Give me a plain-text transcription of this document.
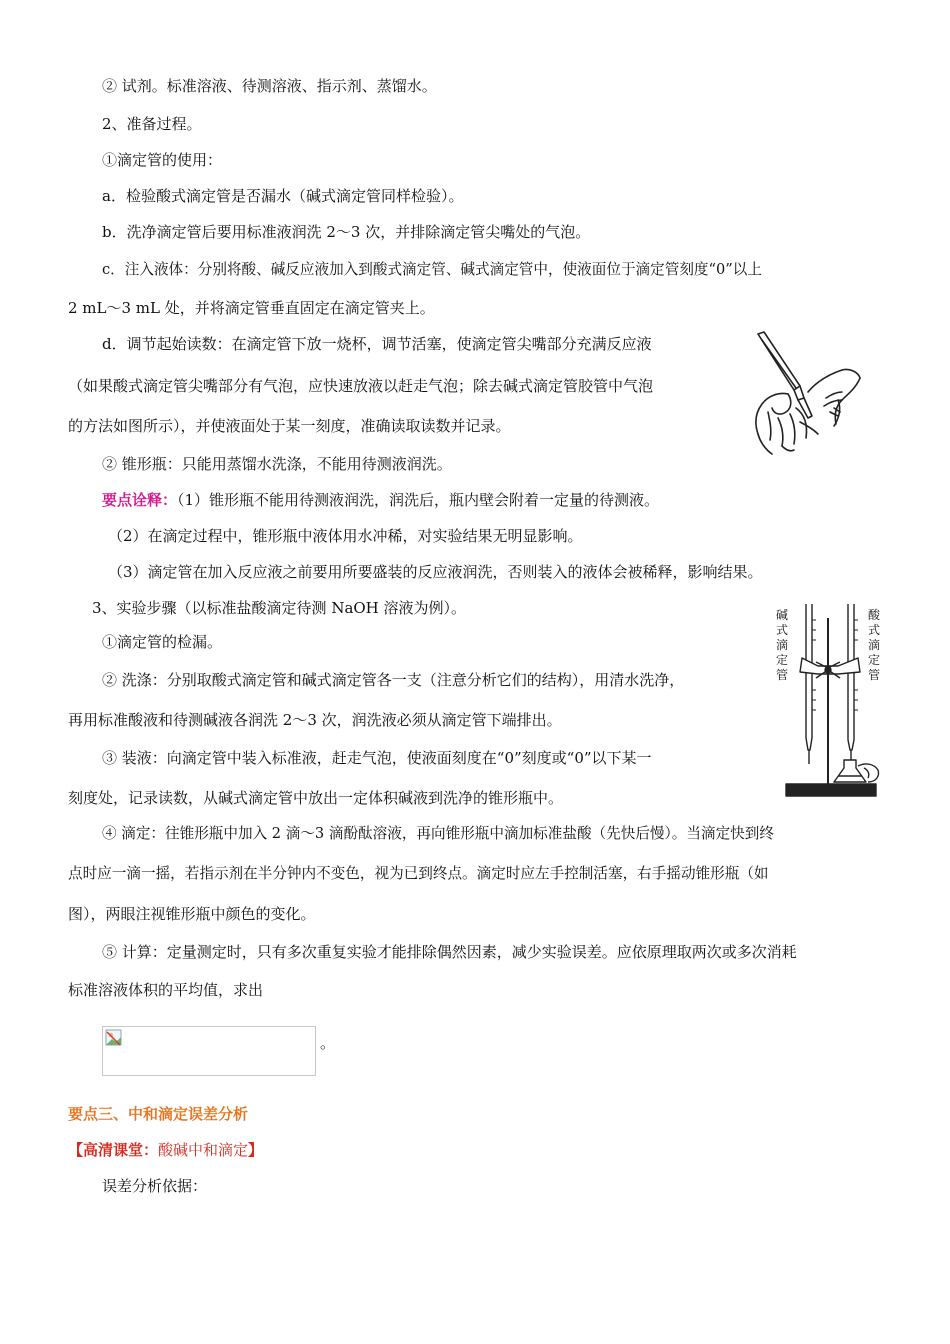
② 试剂。标准溶液、待测溶液、指示剂、蒸馏水。
2、准备过程。
①滴定管的使用：
a．检验酸式滴定管是否漏水（碱式滴定管同样检验）。
b．洗净滴定管后要用标准液润洗 2～3 次，并排除滴定管尖嘴处的气泡。
c．注入液体：分别将酸、碱反应液加入到酸式滴定管、碱式滴定管中，使液面位于滴定管刻度“0”以上
2 mL～3 mL 处，并将滴定管垂直固定在滴定管夹上。
d．调节起始读数：在滴定管下放一烧杯，调节活塞，使滴定管尖嘴部分充满反应液
（如果酸式滴定管尖嘴部分有气泡，应快速放液以赶走气泡；除去碱式滴定管胶管中气泡
的方法如图所示），并使液面处于某一刻度，准确读取读数并记录。
② 锥形瓶：只能用蒸馏水洗涤，不能用待测液润洗。
要点诠释：（1）锥形瓶不能用待测液润洗，润洗后，瓶内壁会附着一定量的待测液。
（2）在滴定过程中，锥形瓶中液体用水冲稀，对实验结果无明显影响。
（3）滴定管在加入反应液之前要用所要盛装的反应液润洗，否则装入的液体会被稀释，影响结果。
3、实验步骤（以标准盐酸滴定待测 NaOH 溶液为例）。
①滴定管的检漏。
② 洗涤：分别取酸式滴定管和碱式滴定管各一支（注意分析它们的结构），用清水洗净，
再用标准酸液和待测碱液各润洗 2～3 次，润洗液必须从滴定管下端排出。
③ 装液：向滴定管中装入标准液，赶走气泡，使液面刻度在“0”刻度或“0”以下某一
刻度处，记录读数，从碱式滴定管中放出一定体积碱液到洗净的锥形瓶中。
④ 滴定：往锥形瓶中加入 2 滴～3 滴酚酞溶液，再向锥形瓶中滴加标准盐酸（先快后慢）。当滴定快到终
点时应一滴一摇，若指示剂在半分钟内不变色，视为已到终点。滴定时应左手控制活塞，右手摇动锥形瓶（如
图），两眼注视锥形瓶中颜色的变化。
⑤ 计算：定量测定时，只有多次重复实验才能排除偶然因素，减少实验误差。应依原理取两次或多次消耗
标准溶液体积的平均值，求出
。
要点三、中和滴定误差分析
【高清课堂：酸碱中和滴定】
误差分析依据：
碱
式
滴
定
管
酸
式
滴
定
管
